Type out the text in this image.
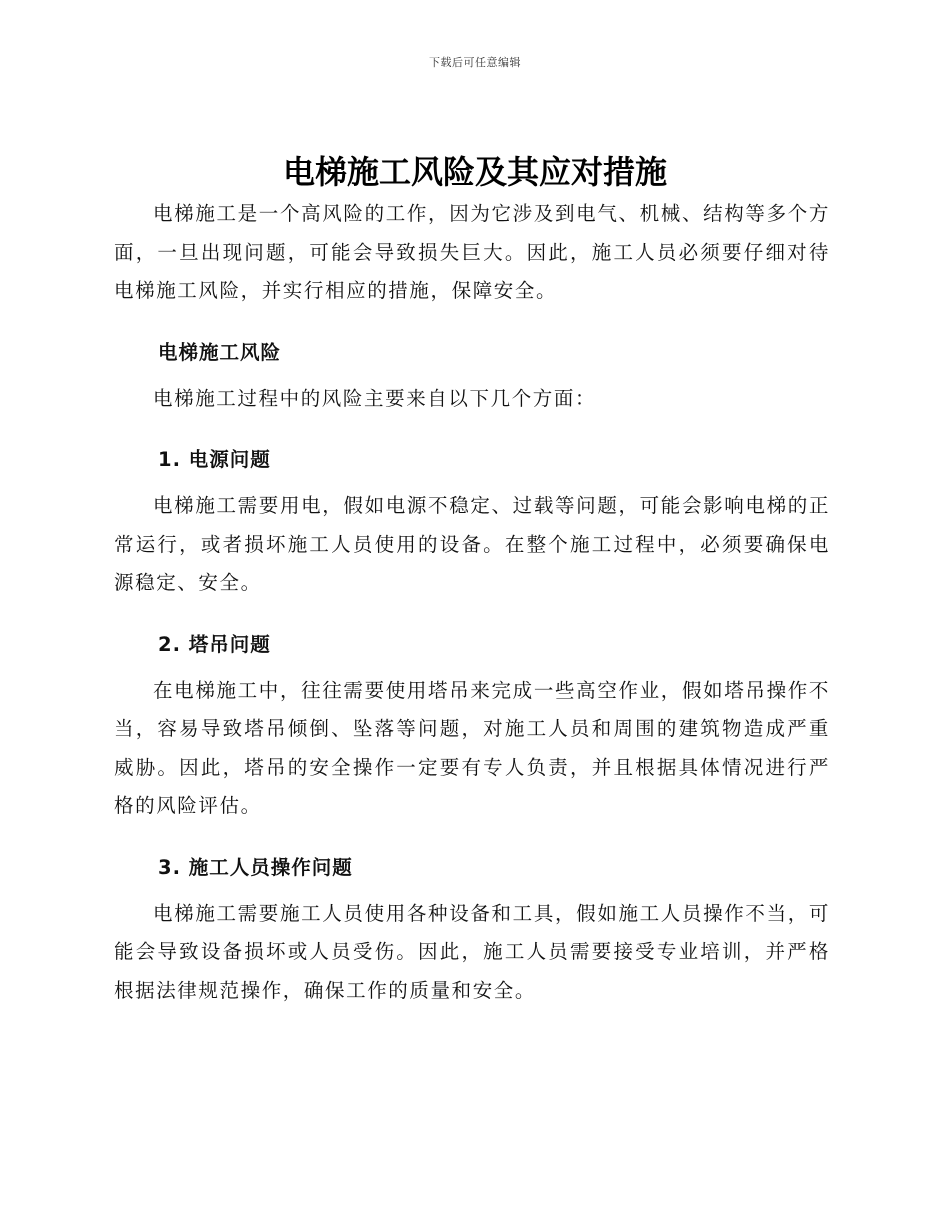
下载后可任意编辑
电梯施工风险及其应对措施

电梯施工是一个高风险的工作，因为它涉及到电气、机械、结构等多个方面，一旦出现问题，可能会导致损失巨大。因此，施工人员必须要仔细对待电梯施工风险，并实行相应的措施，保障安全。

电梯施工风险

电梯施工过程中的风险主要来自以下几个方面：

1. 电源问题

电梯施工需要用电，假如电源不稳定、过载等问题，可能会影响电梯的正常运行，或者损坏施工人员使用的设备。在整个施工过程中，必须要确保电源稳定、安全。

2. 塔吊问题

在电梯施工中，往往需要使用塔吊来完成一些高空作业，假如塔吊操作不当，容易导致塔吊倾倒、坠落等问题，对施工人员和周围的建筑物造成严重威胁。因此，塔吊的安全操作一定要有专人负责，并且根据具体情况进行严格的风险评估。

3. 施工人员操作问题

电梯施工需要施工人员使用各种设备和工具，假如施工人员操作不当，可能会导致设备损坏或人员受伤。因此，施工人员需要接受专业培训，并严格根据法律规范操作，确保工作的质量和安全。
